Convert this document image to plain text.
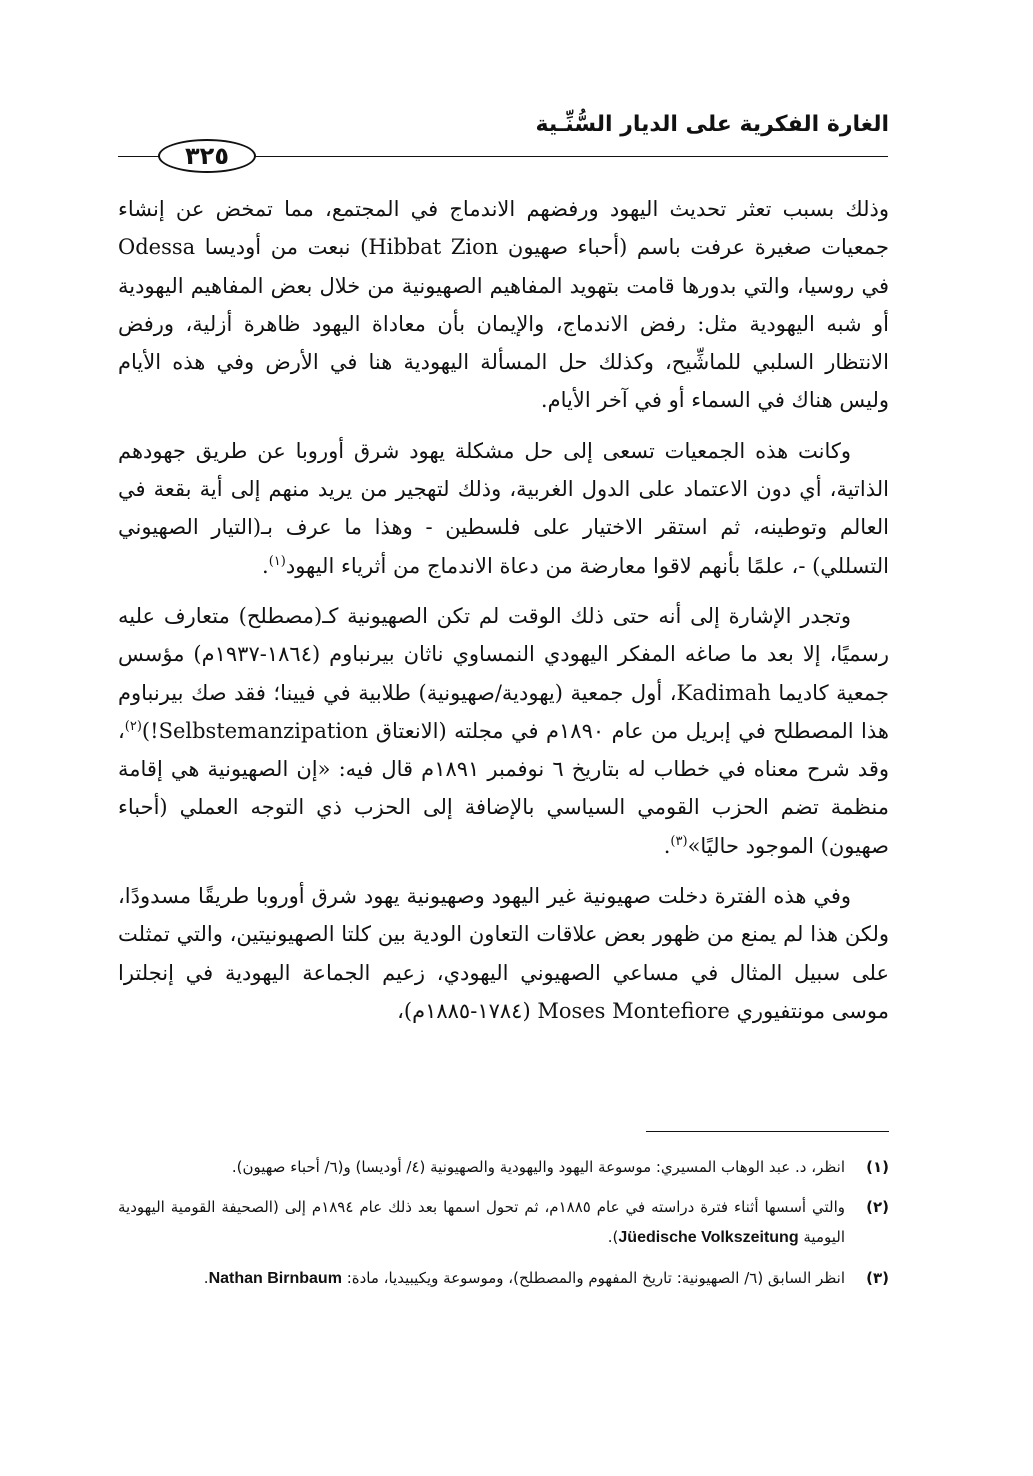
الغارة الفكرية على الديار السُّنِّـية
٣٢٥

وذلك بسبب تعثر تحديث اليهود ورفضهم الاندماج في المجتمع، مما تمخض عن إنشاء جمعيات صغيرة عرفت باسم (أحباء صهيون Hibbat Zion) نبعت من أوديسا Odessa في روسيا، والتي بدورها قامت بتهويد المفاهيم الصهيونية من خلال بعض المفاهيم اليهودية أو شبه اليهودية مثل: رفض الاندماج، والإيمان بأن معاداة اليهود ظاهرة أزلية، ورفض الانتظار السلبي للماشِّيح، وكذلك حل المسألة اليهودية هنا في الأرض وفي هذه الأيام وليس هناك في السماء أو في آخر الأيام.

وكانت هذه الجمعيات تسعى إلى حل مشكلة يهود شرق أوروبا عن طريق جهودهم الذاتية، أي دون الاعتماد على الدول الغربية، وذلك لتهجير من يريد منهم إلى أية بقعة في العالم وتوطينه، ثم استقر الاختيار على فلسطين - وهذا ما عرف بـ(التيار الصهيوني التسللي) -، علمًا بأنهم لاقوا معارضة من دعاة الاندماج من أثرياء اليهود$^{(١)}$.

وتجدر الإشارة إلى أنه حتى ذلك الوقت لم تكن الصهيونية كـ(مصطلح) متعارف عليه رسميًا، إلا بعد ما صاغه المفكر اليهودي النمساوي ناثان بيرنباوم (١٨٦٤-١٩٣٧م) مؤسس جمعية كاديما Kadimah، أول جمعية (يهودية/صهيونية) طلابية في فيينا؛ فقد صك بيرنباوم هذا المصطلح في إبريل من عام ١٨٩٠م في مجلته (الانعتاق Selbstemanzipation!)$^{(٢)}$، وقد شرح معناه في خطاب له بتاريخ ٦ نوفمبر ١٨٩١م قال فيه: «إن الصهيونية هي إقامة منظمة تضم الحزب القومي السياسي بالإضافة إلى الحزب ذي التوجه العملي (أحباء صهيون) الموجود حاليًا»$^{(٣)}$.

وفي هذه الفترة دخلت صهيونية غير اليهود وصهيونية يهود شرق أوروبا طريقًا مسدودًا، ولكن هذا لم يمنع من ظهور بعض علاقات التعاون الودية بين كلتا الصهيونيتين، والتي تمثلت على سبيل المثال في مساعي الصهيوني اليهودي، زعيم الجماعة اليهودية في إنجلترا موسى مونتفيوري Moses Montefiore (١٧٨٤-١٨٨٥م)،

(١)
انظر، د. عبد الوهاب المسيري: موسوعة اليهود واليهودية والصهيونية (٤/ أوديسا) و(٦/ أحباء صهيون).
(٢)
والتي أسسها أثناء فترة دراسته في عام ١٨٨٥م، ثم تحول اسمها بعد ذلك عام ١٨٩٤م إلى (الصحيفة القومية اليهودية اليومية Jüedische Volkszeitung).
(٣)
انظر السابق (٦/ الصهيونية: تاريخ المفهوم والمصطلح)، وموسوعة ويكيبيديا، مادة: Nathan Birnbaum.
